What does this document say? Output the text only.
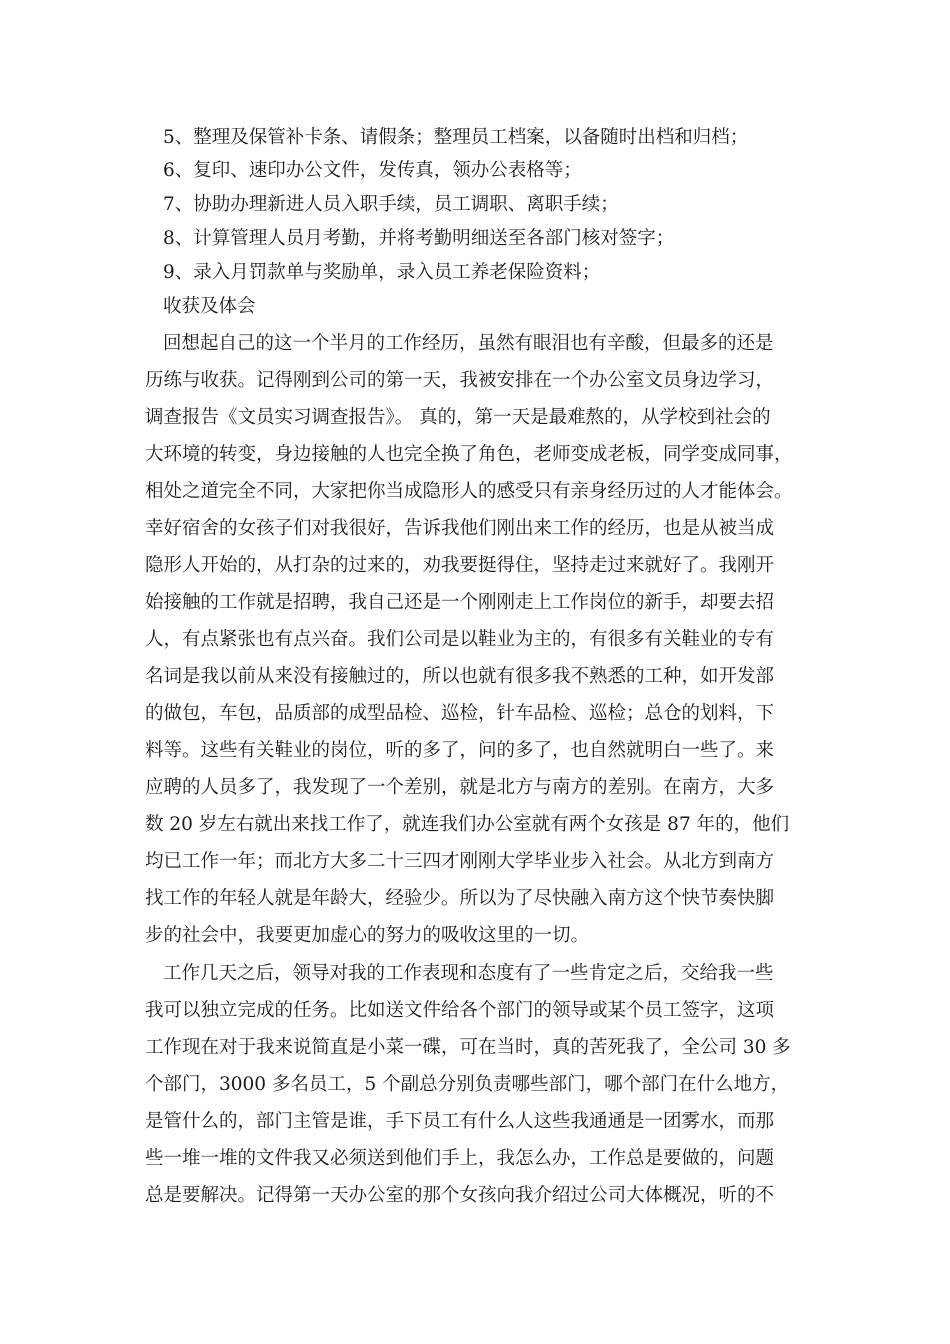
5、整理及保管补卡条、请假条；整理员工档案，以备随时出档和归档；
6、复印、速印办公文件，发传真，领办公表格等；
7、协助办理新进人员入职手续，员工调职、离职手续；
8、计算管理人员月考勤，并将考勤明细送至各部门核对签字；
9、录入月罚款单与奖励单，录入员工养老保险资料；
收获及体会
回想起自己的这一个半月的工作经历，虽然有眼泪也有辛酸，但最多的还是
历练与收获。记得刚到公司的第一天，我被安排在一个办公室文员身边学习，
调查报告《文员实习调查报告》。 真的，第一天是最难熬的，从学校到社会的
大环境的转变，身边接触的人也完全换了角色，老师变成老板，同学变成同事，
相处之道完全不同，大家把你当成隐形人的感受只有亲身经历过的人才能体会。
幸好宿舍的女孩子们对我很好，告诉我他们刚出来工作的经历，也是从被当成
隐形人开始的，从打杂的过来的，劝我要挺得住，坚持走过来就好了。我刚开
始接触的工作就是招聘，我自己还是一个刚刚走上工作岗位的新手，却要去招
人，有点紧张也有点兴奋。我们公司是以鞋业为主的，有很多有关鞋业的专有
名词是我以前从来没有接触过的，所以也就有很多我不熟悉的工种，如开发部
的做包，车包，品质部的成型品检、巡检，针车品检、巡检；总仓的划料，下
料等。这些有关鞋业的岗位，听的多了，问的多了，也自然就明白一些了。来
应聘的人员多了，我发现了一个差别，就是北方与南方的差别。在南方，大多
数 20 岁左右就出来找工作了，就连我们办公室就有两个女孩是 87 年的，他们
均已工作一年；而北方大多二十三四才刚刚大学毕业步入社会。从北方到南方
找工作的年轻人就是年龄大，经验少。所以为了尽快融入南方这个快节奏快脚
步的社会中，我要更加虚心的努力的吸收这里的一切。
工作几天之后，领导对我的工作表现和态度有了一些肯定之后，交给我一些
我可以独立完成的任务。比如送文件给各个部门的领导或某个员工签字，这项
工作现在对于我来说简直是小菜一碟，可在当时，真的苦死我了，全公司 30 多
个部门，3000 多名员工，5 个副总分别负责哪些部门，哪个部门在什么地方，
是管什么的，部门主管是谁，手下员工有什么人这些我通通是一团雾水，而那
些一堆一堆的文件我又必须送到他们手上，我怎么办，工作总是要做的，问题
总是要解决。记得第一天办公室的那个女孩向我介绍过公司大体概况，听的不
